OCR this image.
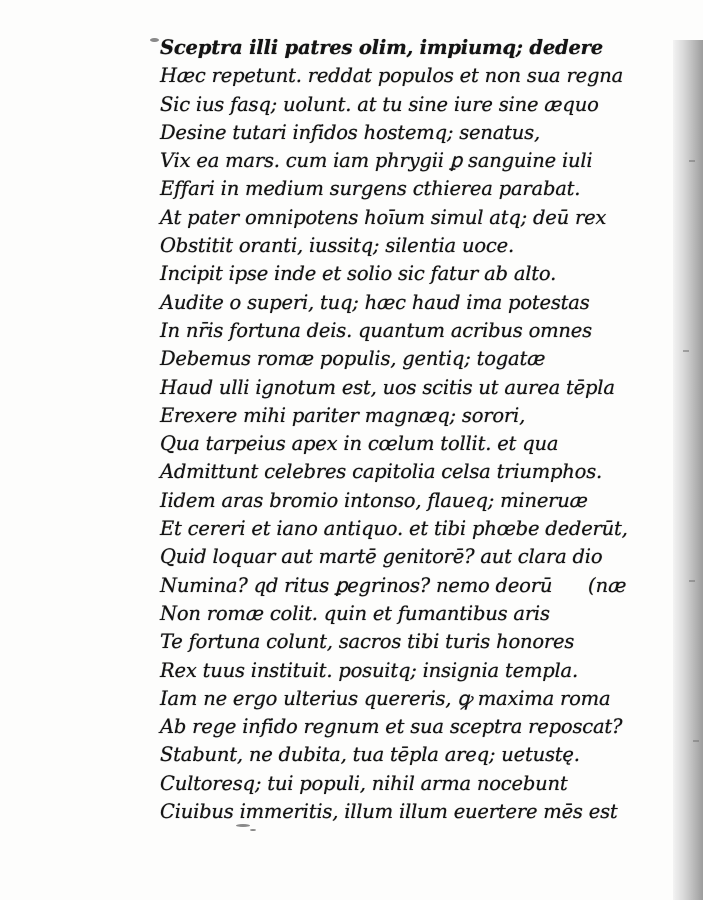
Sceptra illi patres olim, impiumq; dedere
Hæc repetunt. reddat populos et non sua regna
Sic ius fasq; uolunt. at tu sine iure sine æquo
Desine tutari infidos hostemq; senatus,
Vix ea mars. cum iam phrygii ꝑ sanguine iuli
Effari in medium surgens cthierea parabat.
At pater omnipotens hoīum simul atq; deū rex
Obstitit oranti, iussitq; silentia uoce.
Incipit ipse inde et solio sic fatur ab alto.
Audite o superi, tuq; hæc haud ima potestas
In nr̄is fortuna deis. quantum acribus omnes
Debemus romæ populis, gentiq; togatæ
Haud ulli ignotum est, uos scitis ut aurea tēpla
Erexere mihi pariter magnæq; sorori,
Qua tarpeius apex in cœlum tollit. et qua
Admittunt celebres capitolia celsa triumphos.
Iidem aras bromio intonso, flaueq; mineruæ
Et cereri et iano antiquo. et tibi phœbe dederūt,
Quid loquar aut martē genitorē? aut clara dio
Numina? qd ritus ꝑegrinos? nemo deorū
Non romæ colit. quin et fumantibus aris
Te fortuna colunt, sacros tibi turis honores
Rex tuus instituit. posuitq; insignia templa.
Iam ne ergo ulterius quereris, ꝙ maxima roma
Ab rege infido regnum et sua sceptra reposcat?
Stabunt, ne dubita, tua tēpla areq; uetustę.
Cultoresq; tui populi, nihil arma nocebunt
Ciuibus immeritis, illum illum euertere mēs est
(næ
